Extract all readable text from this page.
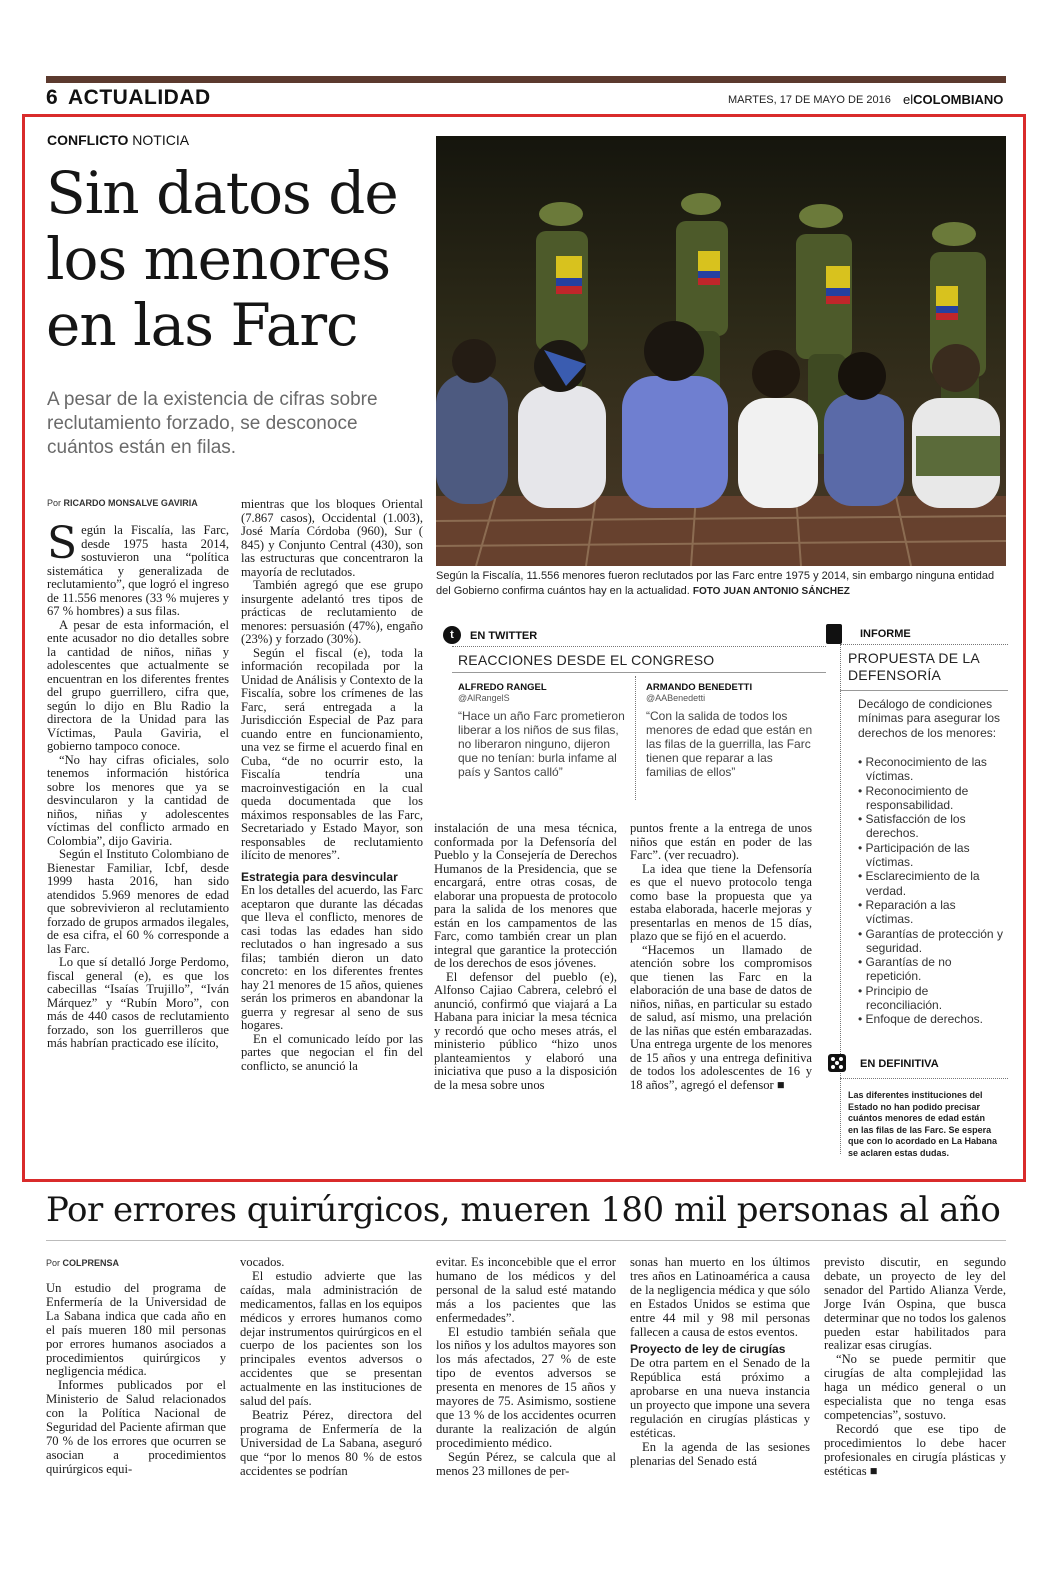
6 ACTUALIDAD	MARTES, 17 DE MAYO DE 2016 elCOLOMBIANO
CONFLICTO NOTICIA
Sin datos de los menores en las Farc
A pesar de la existencia de cifras sobre reclutamiento forzado, se desconoce cuántos están en filas.
Por RICARDO MONSALVE GAVIRIA

Según la Fiscalía, las Farc, desde 1975 hasta 2014, sostuvieron una “política sistemática y generalizada de reclutamiento”, que logró el ingreso de 11.556 menores (33 % mujeres y 67 % hombres) a sus filas.

A pesar de esta información, el ente acusador no dio detalles sobre la cantidad de niños, niñas y adolescentes que actualmente se encuentran en los diferentes frentes del grupo guerrillero, cifra que, según lo dijo en Blu Radio la directora de la Unidad para las Víctimas, Paula Gaviria, el gobierno tampoco conoce.

“No hay cifras oficiales, solo tenemos información histórica sobre los menores que ya se desvincularon y la cantidad de niños, niñas y adolescentes víctimas del conflicto armado en Colombia”, dijo Gaviria.

Según el Instituto Colombiano de Bienestar Familiar, Icbf, desde 1999 hasta 2016, han sido atendidos 5.969 menores de edad que sobrevivieron al reclutamiento forzado de grupos armados ilegales, de esa cifra, el 60 % corresponde a las Farc.

Lo que sí detalló Jorge Perdomo, fiscal general (e), es que los cabecillas “Isaías Trujillo”, “Iván Márquez” y “Rubín Moro”, con más de 440 casos de reclutamiento forzado, son los guerrilleros que más habrían practicado ese ilícito,

mientras que los bloques Oriental (7.867 casos), Occidental (1.003), José María Córdoba (960), Sur ( 845) y Conjunto Central (430), son las estructuras que concentraron la mayoría de reclutados.

También agregó que ese grupo insurgente adelantó tres tipos de prácticas de reclutamiento de menores: persuasión (47%), engaño (23%) y forzado (30%).

Según el fiscal (e), toda la información recopilada por la Unidad de Análisis y Contexto de la Fiscalía, sobre los crímenes de las Farc, será entregada a la Jurisdicción Especial de Paz para cuando entre en funcionamiento, una vez se firme el acuerdo final en Cuba, “de no ocurrir esto, la Fiscalía tendría una macroinvestigación en la cual queda documentada que los máximos responsables de las Farc, Secretariado y Estado Mayor, son responsables de reclutamiento ilícito de menores”.

Estrategia para desvincular

En los detalles del acuerdo, las Farc aceptaron que durante las décadas que lleva el conflicto, menores de casi todas las edades han sido reclutados o han ingresado a sus filas; también dieron un dato concreto: en los diferentes frentes hay 21 menores de 15 años, quienes serán los primeros en abandonar la guerra y regresar al seno de sus hogares.

En el comunicado leído por las partes que negocian el fin del conflicto, se anunció la

Según la Fiscalía, 11.556 menores fueron reclutados por las Farc entre 1975 y 2014, sin embargo ninguna entidad del Gobierno confirma cuántos hay en la actualidad. FOTO JUAN ANTONIO SÁNCHEZ
t	EN TWITTER
REACCIONES DESDE EL CONGRESO
ALFREDO RANGEL
@AlRangelS
“Hace un año Farc prometieron liberar a los niños de sus filas, no liberaron ninguno, dijeron que no tenían: burla infame al país y Santos calló”
ARMANDO BENEDETTI
@AABenedetti
“Con la salida de todos los menores de edad que están en las filas de la guerrilla, las Farc tienen que reparar a las familias de ellos”

instalación de una mesa técnica, conformada por la Defensoría del Pueblo y la Consejería de Derechos Humanos de la Presidencia, que se encargará, entre otras cosas, de elaborar una propuesta de protocolo para la salida de los menores que están en los campamentos de las Farc, como también crear un plan integral que garantice la protección de los derechos de esos jóvenes.

El defensor del pueblo (e), Alfonso Cajiao Cabrera, celebró el anunció, confirmó que viajará a La Habana para iniciar la mesa técnica y recordó que ocho meses atrás, el ministerio público “hizo unos planteamientos y elaboró una iniciativa que puso a la disposición de la mesa sobre unos

puntos frente a la entrega de unos niños que están en poder de las Farc”. (ver recuadro).

La idea que tiene la Defensoría es que el nuevo protocolo tenga como base la propuesta que ya estaba elaborada, hacerle mejoras y presentarlas en menos de 15 días, plazo que se fijó en el acuerdo.

“Hacemos un llamado de atención sobre los compromisos que tienen las Farc en la elaboración de una base de datos de niños, niñas, en particular su estado de salud, así mismo, una prelación de las niñas que estén embarazadas. Una entrega urgente de los menores de 15 años y una entrega definitiva de todos los adolescentes de 16 y 18 años”, agregó el defensor ■

INFORME
PROPUESTA DE LA DEFENSORÍA
Decálogo de condiciones mínimas para asegurar los derechos de los menores:
• Reconocimiento de las víctimas.
• Reconocimiento de responsabilidad.
• Satisfacción de los derechos.
• Participación de las víctimas.
• Esclarecimiento de la verdad.
• Reparación a las víctimas.
• Garantías de protección y seguridad.
• Garantías de no repetición.
• Principio de reconciliación.
• Enfoque de derechos.
EN DEFINITIVA
Las diferentes instituciones del Estado no han podido precisar cuántos menores de edad están en las filas de las Farc. Se espera que con lo acordado en La Habana se aclaren estas dudas.
Por errores quirúrgicos, mueren 180 mil personas al año
Por COLPRENSA

Un estudio del programa de Enfermería de la Universidad de La Sabana indica que cada año en el país mueren 180 mil personas por errores humanos asociados a procedimientos quirúrgicos y negligencia médica.

Informes publicados por el Ministerio de Salud relacionados con la Política Nacional de Seguridad del Paciente afirman que 70 % de los errores que ocurren se asocian a procedimientos quirúrgicos equi-

vocados.

El estudio advierte que las caídas, mala administración de medicamentos, fallas en los equipos médicos y errores humanos como dejar instrumentos quirúrgicos en el cuerpo de los pacientes son los principales eventos adversos o accidentes que se presentan actualmente en las instituciones de salud del país.

Beatriz Pérez, directora del programa de Enfermería de la Universidad de La Sabana, aseguró que “por lo menos 80 % de estos accidentes se podrían

evitar. Es inconcebible que el error humano de los médicos y del personal de la salud esté matando más a los pacientes que las enfermedades”.

El estudio también señala que los niños y los adultos mayores son los más afectados, 27 % de este tipo de eventos adversos se presenta en menores de 15 años y mayores de 75. Asimismo, sostiene que 13 % de los accidentes ocurren durante la realización de algún procedimiento médico.

Según Pérez, se calcula que al menos 23 millones de per-

sonas han muerto en los últimos tres años en Latinoamérica a causa de la negligencia médica y que sólo en Estados Unidos se estima que entre 44 mil y 98 mil personas fallecen a causa de estos eventos.

Proyecto de ley de cirugías

De otra partem en el Senado de la República está próximo a aprobarse en una nueva instancia un proyecto que impone una severa regulación en cirugías plásticas y estéticas.

En la agenda de las sesiones plenarias del Senado está

previsto discutir, en segundo debate, un proyecto de ley del senador del Partido Alianza Verde, Jorge Iván Ospina, que busca determinar que no todos los galenos pueden estar habilitados para realizar esas cirugías.

“No se puede permitir que cirugías de alta complejidad las haga un médico general o un especialista que no tenga esas competencias”, sostuvo.

Recordó que ese tipo de procedimientos lo debe hacer profesionales en cirugía plásticas y estéticas ■
